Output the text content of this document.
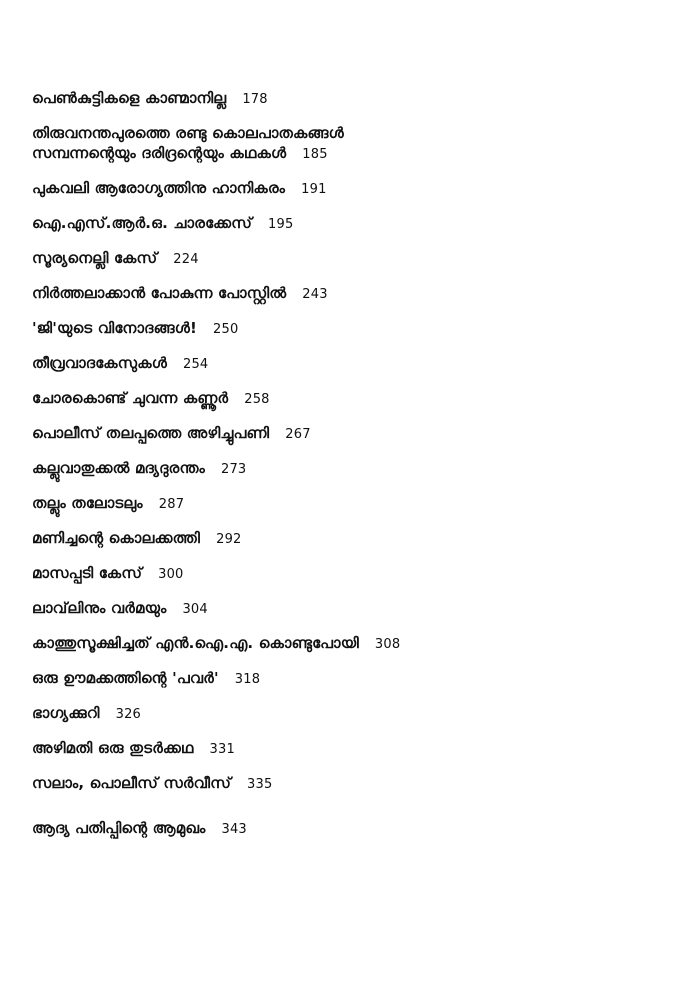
പെൺകുട്ടികളെ കാണ്മാനില്ല 178
തിരുവനന്തപുരത്തെ രണ്ടു കൊലപാതകങ്ങൾ
സമ്പന്നന്റെയും ദരിദ്രന്റെയും കഥകൾ 185
പുകവലി ആരോഗ്യത്തിനു ഹാനികരം 191
ഐ.എസ്.ആർ.ഒ. ചാരക്കേസ് 195
സൂര്യനെല്ലി കേസ് 224
നിർത്തലാക്കാൻ പോകുന്ന പോസ്റ്റിൽ 243
'ജി'യുടെ വിനോദങ്ങൾ! 250
തീവ്രവാദകേസുകൾ 254
ചോരകൊണ്ട് ചുവന്ന കണ്ണൂർ 258
പൊലീസ് തലപ്പത്തെ അഴിച്ചുപണി 267
കല്ലുവാതുക്കൽ മദ്യദുരന്തം 273
തല്ലും തലോടലും 287
മണിച്ചന്റെ കൊലക്കത്തി 292
മാസപ്പടി കേസ് 300
ലാവ്‌ലിനും വർമയും 304
കാത്തുസൂക്ഷിച്ചത് എൻ.ഐ.എ. കൊണ്ടുപോയി 308
ഒരു ഊമക്കത്തിന്റെ 'പവർ' 318
ഭാഗ്യക്കുറി 326
അഴിമതി ഒരു തുടർക്കഥ 331
സലാം, പൊലീസ് സർവീസ് 335
ആദ്യ പതിപ്പിന്റെ ആമുഖം 343
